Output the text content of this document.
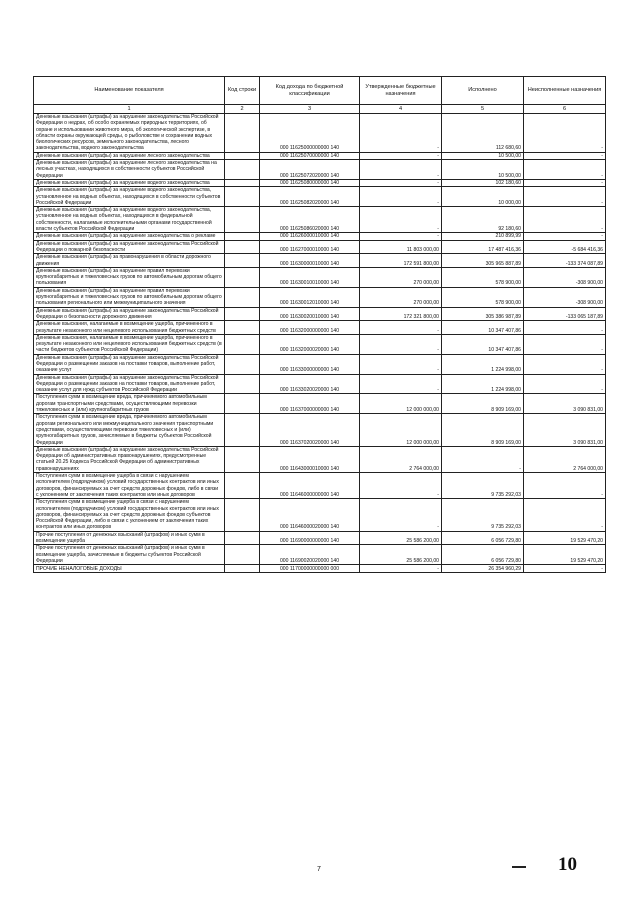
Наименование показателя	Код строки	Код дохода по бюджетной классификации	Утвержденные бюджетные назначения	Исполнено	Неисполненные назначения
1	2	3	4	5	6
Денежные взыскания (штрафы) за нарушение законодательства Российской Федерации о недрах, об особо охраняемых природных территориях, об охране и использовании животного мира, об экологической экспертизе, в области охраны окружающей среды, о рыболовстве и сохранении водных биологических ресурсов, земельного законодательства, лесного законодательства, водного законодательства		000 11625000000000 140	-	112 680,60	-
Денежные взыскания (штрафы) за нарушение лесного законодательства		000 11625070000000 140	-	10 500,00	-
Денежные взыскания (штрафы) за нарушение лесного законодательства на лесных участках, находящихся в собственности субъектов Российской Федерации		000 11625072020000 140	-	10 500,00	-
Денежные взыскания (штрафы) за нарушение водного законодательства		000 11625080000000 140	-	102 180,60	-
Денежные взыскания (штрафы) за нарушение водного законодательства, установленное на водных объектах, находящихся в собственности субъектов Российской Федерации		000 11625082020000 140	-	10 000,00	-
Денежные взыскания (штрафы) за нарушение водного законодательства, установленное на водных объектах, находящихся в федеральной собственности, налагаемые исполнительными органами государственной власти субъектов Российской Федерации		000 11625086020000 140	-	92 180,60	-
Денежные взыскания (штрафы) за нарушение законодательства о рекламе		000 11626000010000 140	-	210 899,99	-
Денежные взыскания (штрафы) за нарушение законодательства Российской Федерации о пожарной безопасности		000 11627000010000 140	11 803 000,00	17 487 416,36	-5 684 416,36
Денежные взыскания (штрафы) за правонарушения в области дорожного движения		000 11630000010000 140	172 591 800,00	305 965 887,89	-133 374 087,89
Денежные взыскания (штрафы) за нарушение правил перевозки крупногабаритных и тяжеловесных грузов по автомобильным дорогам общего пользования		000 11630010010000 140	270 000,00	578 900,00	-308 900,00
Денежные взыскания (штрафы) за нарушение правил перевозки крупногабаритных и тяжеловесных грузов по автомобильным дорогам общего пользования регионального или межмуниципального значения		000 11630012010000 140	270 000,00	578 900,00	-308 900,00
Денежные взыскания (штрафы) за нарушение законодательства Российской Федерации о безопасности дорожного движения		000 11630020010000 140	172 321 800,00	305 386 987,89	-133 065 187,89
Денежные взыскания, налагаемые в возмещение ущерба, причиненного в результате незаконного или нецелевого использования бюджетных средств		000 11632000000000 140	-	10 347 407,86	-
Денежные взыскания, налагаемые в возмещение ущерба, причиненного в результате незаконного или нецелевого использования бюджетных средств (в части бюджетов субъектов Российской Федерации)		000 11632000020000 140	-	10 347 407,86	-
Денежные взыскания (штрафы) за нарушение законодательства Российской Федерации о размещении заказов на поставки товаров, выполнение работ, оказание услуг		000 11633000000000 140	-	1 224 998,00	-
Денежные взыскания (штрафы) за нарушение законодательства Российской Федерации о размещении заказов на поставки товаров, выполнение работ, оказание услуг для нужд субъектов Российской Федерации		000 11633020020000 140	-	1 224 998,00	-
Поступления сумм в возмещение вреда, причиняемого автомобильным дорогам транспортными средствами, осуществляющими перевозки тяжеловесных и (или) крупногабаритных грузов		000 11637000000000 140	12 000 000,00	8 909 169,00	3 090 831,00
Поступления сумм в возмещение вреда, причиняемого автомобильным дорогам регионального или межмуниципального значения транспортными средствами, осуществляющими перевозки тяжеловесных и (или) крупногабаритных грузов, зачисляемые в бюджеты субъектов Российской Федерации		000 11637020020000 140	12 000 000,00	8 909 169,00	3 090 831,00
Денежные взыскания (штрафы) за нарушение законодательства Российской Федерации об административных правонарушениях, предусмотренные статьей 20.25 Кодекса Российской Федерации об административных правонарушениях		000 11643000010000 140	2 764 000,00	-	2 764 000,00
Поступления сумм в возмещение ущерба в связи с нарушением исполнителем (подрядчиком) условий государственных контрактов или иных договоров, финансируемых за счет средств дорожных фондов, либо в связи с уклонением от заключения таких контрактов или иных договоров		000 11646000000000 140	-	9 735 292,03	-
Поступления сумм в возмещение ущерба в связи с нарушением исполнителем (подрядчиком) условий государственных контрактов или иных договоров, финансируемых за счет средств дорожных фондов субъектов Российской Федерации, либо в связи с уклонением от заключения таких контрактов или иных договоров		000 11646000020000 140	-	9 735 292,03	-
Прочие поступления от денежных взысканий (штрафов) и иных сумм в возмещение ущерба		000 11690000000000 140	25 586 200,00	6 056 729,80	19 529 470,20
Прочие поступления от денежных взысканий (штрафов) и иных сумм в возмещение ущерба, зачисляемые в бюджеты субъектов Российской Федерации		000 11690020020000 140	25 586 200,00	6 056 729,80	19 529 470,20
ПРОЧИЕ НЕНАЛОГОВЫЕ ДОХОДЫ		000 11700000000000 000	-	26 354 960,29	-
7	10
